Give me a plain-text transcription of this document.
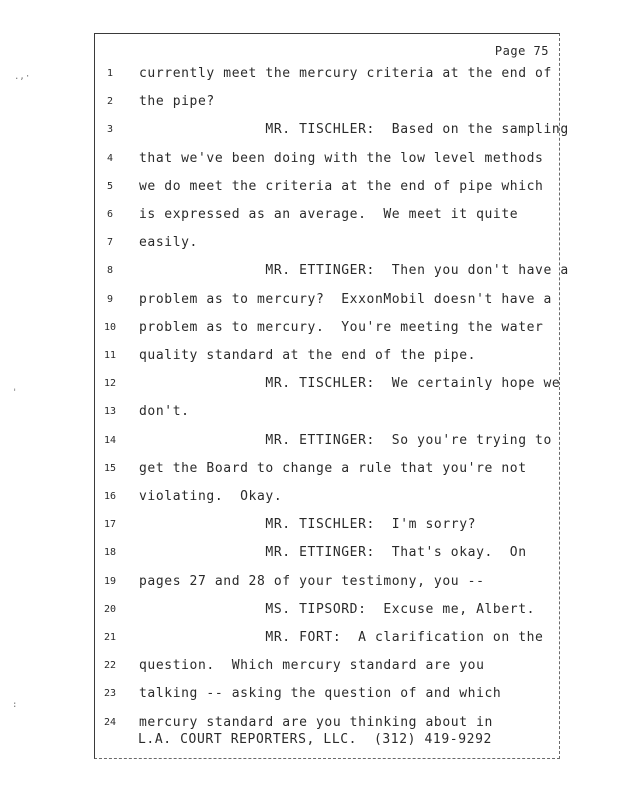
.,·
'
:
Page 75
1	currently meet the mercury criteria at the end of
2	the pipe?
3	MR. TISCHLER:  Based on the sampling
4	that we've been doing with the low level methods
5	we do meet the criteria at the end of pipe which
6	is expressed as an average.  We meet it quite
7	easily.
8	MR. ETTINGER:  Then you don't have a
9	problem as to mercury?  ExxonMobil doesn't have a
10	problem as to mercury.  You're meeting the water
11	quality standard at the end of the pipe.
12	MR. TISCHLER:  We certainly hope we
13	don't.
14	MR. ETTINGER:  So you're trying to
15	get the Board to change a rule that you're not
16	violating.  Okay.
17	MR. TISCHLER:  I'm sorry?
18	MR. ETTINGER:  That's okay.  On
19	pages 27 and 28 of your testimony, you --
20	MS. TIPSORD:  Excuse me, Albert.
21	MR. FORT:  A clarification on the
22	question.  Which mercury standard are you
23	talking -- asking the question of and which
24	mercury standard are you thinking about in
L.A. COURT REPORTERS, LLC.  (312) 419-9292
